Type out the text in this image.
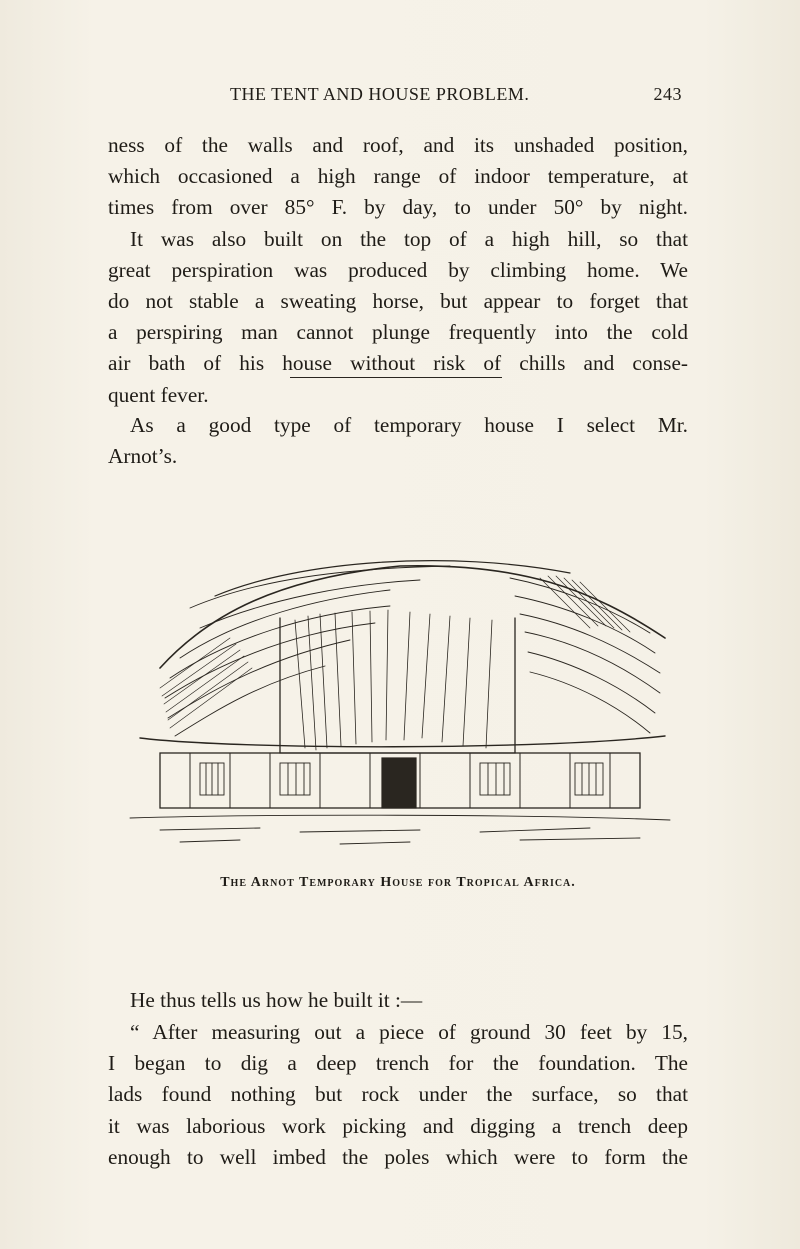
THE TENT AND HOUSE PROBLEM.	243
ness of the walls and roof, and its unshaded position,
which occasioned a high range of indoor temperature, at
times from over 85° F. by day, to under 50° by night.
It was also built on the top of a high hill, so that
great perspiration was produced by climbing home. We
do not stable a sweating horse, but appear to forget that
a perspiring man cannot plunge frequently into the cold
air bath of his house without risk of chills and conse-
quent fever.
As a good type of temporary house I select Mr.
Arnot’s.
The Arnot Temporary House for Tropical Africa.
He thus tells us how he built it :—
“ After measuring out a piece of ground 30 feet by 15,
I began to dig a deep trench for the foundation. The
lads found nothing but rock under the surface, so that
it was laborious work picking and digging a trench deep
enough to well imbed the poles which were to form the
